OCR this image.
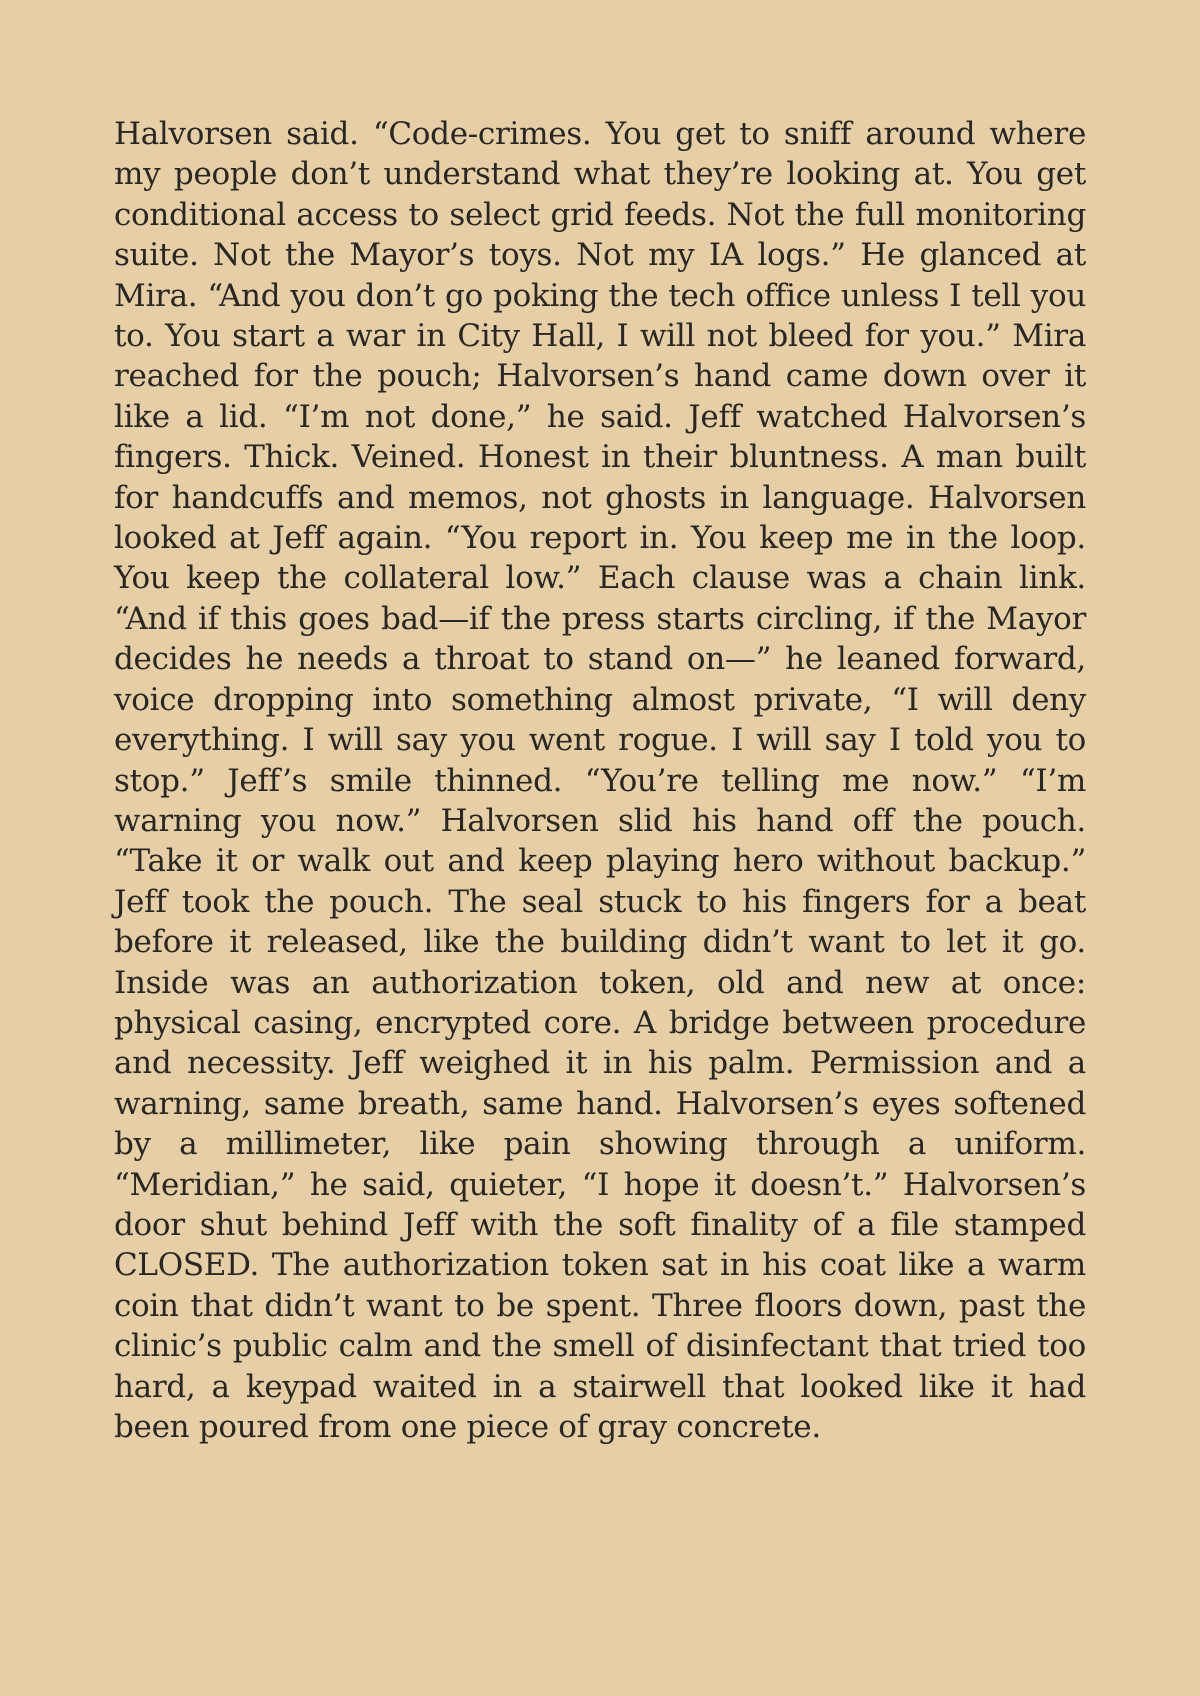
Halvorsen said. “Code-crimes. You get to sniff around where my people don’t understand what they’re looking at. You get conditional access to select grid feeds. Not the full monitoring suite. Not the Mayor’s toys. Not my IA logs.” He glanced at Mira. “And you don’t go poking the tech office unless I tell you to. You start a war in City Hall, I will not bleed for you.” Mira reached for the pouch; Halvorsen’s hand came down over it like a lid. “I’m not done,” he said. Jeff watched Halvorsen’s fingers. Thick. Veined. Honest in their bluntness. A man built for handcuffs and memos, not ghosts in language. Halvorsen looked at Jeff again. “You report in. You keep me in the loop. You keep the collateral low.” Each clause was a chain link. “And if this goes bad—if the press starts circling, if the Mayor decides he needs a throat to stand on—” he leaned forward, voice dropping into something almost private, “I will deny everything. I will say you went rogue. I will say I told you to stop.” Jeff’s smile thinned. “You’re telling me now.” “I’m warning you now.” Halvorsen slid his hand off the pouch. “Take it or walk out and keep playing hero without backup.” Jeff took the pouch. The seal stuck to his fingers for a beat before it released, like the building didn’t want to let it go. Inside was an authorization token, old and new at once: physical casing, encrypted core. A bridge between procedure and necessity. Jeff weighed it in his palm. Permission and a warning, same breath, same hand. Halvorsen’s eyes softened by a millimeter, like pain showing through a uniform. “Meridian,” he said, quieter, “I hope it doesn’t.” Halvorsen’s door shut behind Jeff with the soft finality of a file stamped CLOSED. The authorization token sat in his coat like a warm coin that didn’t want to be spent. Three floors down, past the clinic’s public calm and the smell of disinfectant that tried too hard, a keypad waited in a stairwell that looked like it had been poured from one piece of gray concrete.
